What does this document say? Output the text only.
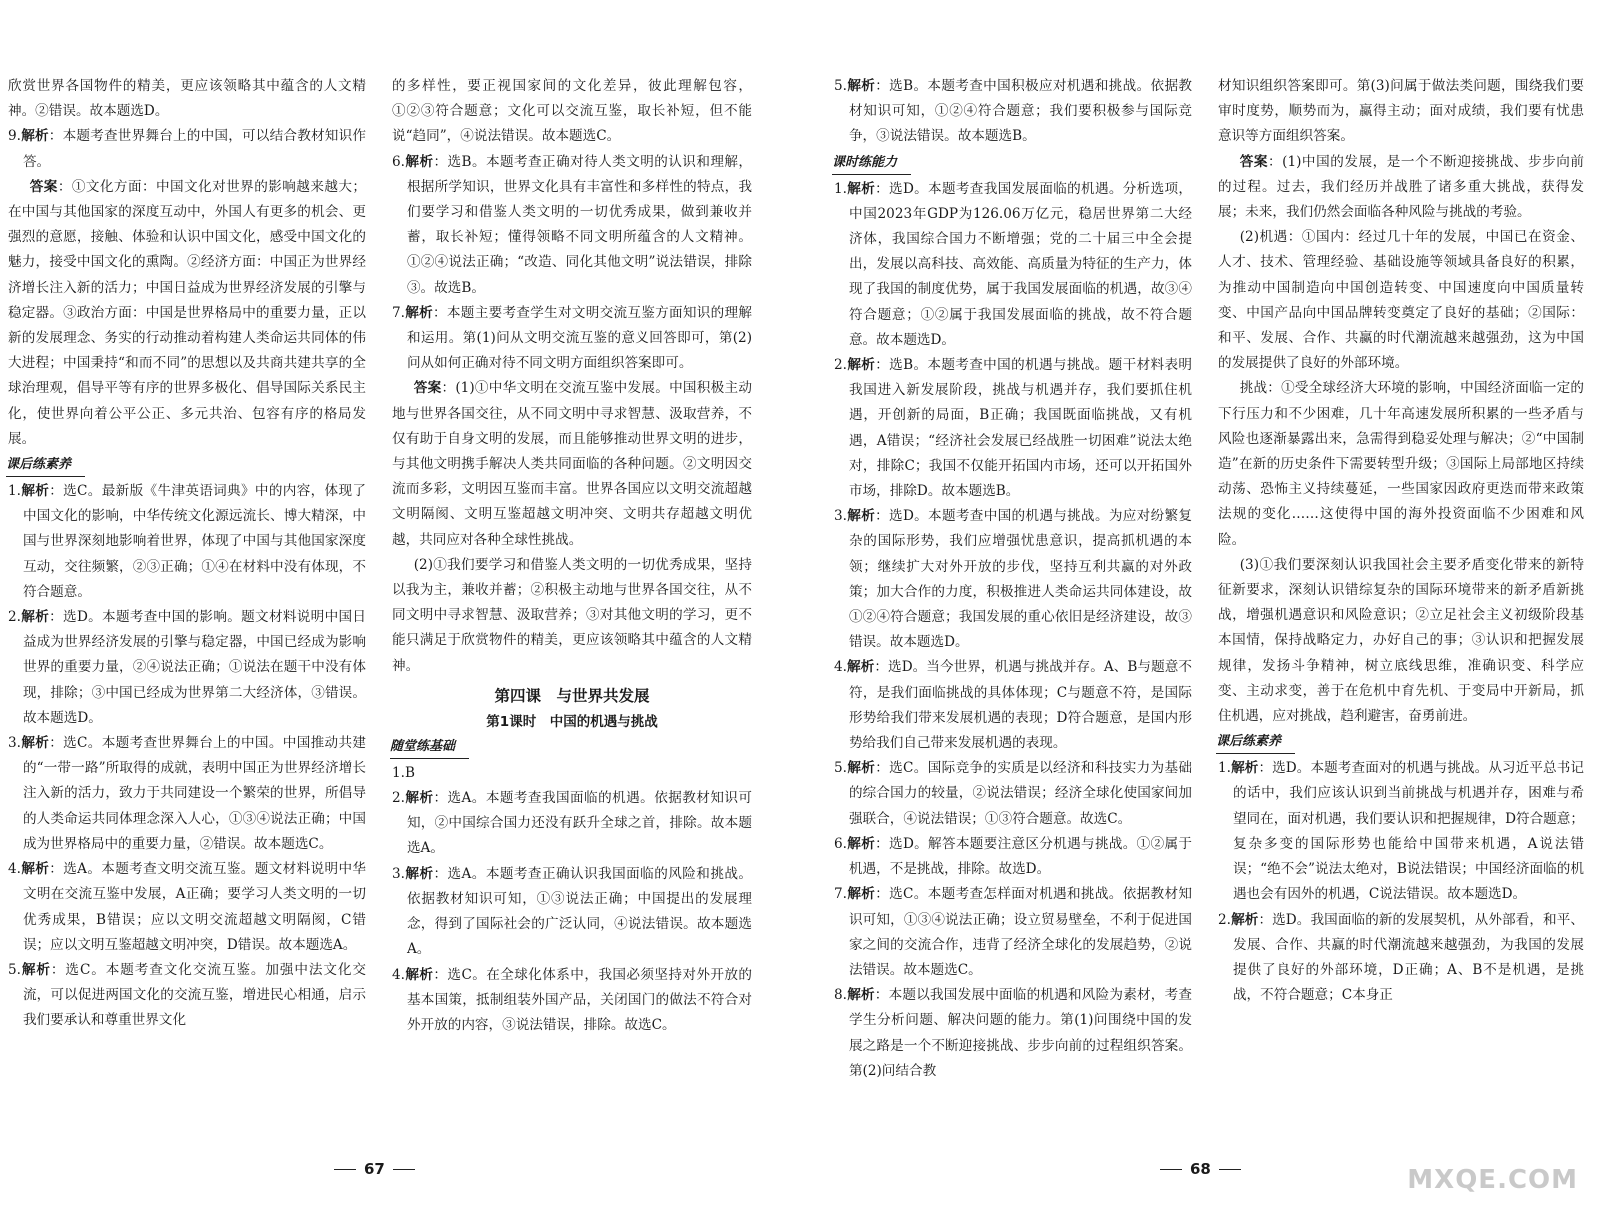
欣赏世界各国物件的精美，更应该领略其中蕴含的人文精神。②错误。故本题选D。

9.解析：本题考查世界舞台上的中国，可以结合教材知识作答。

答案：①文化方面：中国文化对世界的影响越来越大；在中国与其他国家的深度互动中，外国人有更多的机会、更强烈的意愿，接触、体验和认识中国文化，感受中国文化的魅力，接受中国文化的熏陶。②经济方面：中国正为世界经济增长注入新的活力；中国日益成为世界经济发展的引擎与稳定器。③政治方面：中国是世界格局中的重要力量，正以新的发展理念、务实的行动推动着构建人类命运共同体的伟大进程；中国秉持“和而不同”的思想以及共商共建共享的全球治理观，倡导平等有序的世界多极化、倡导国际关系民主化，使世界向着公平公正、多元共治、包容有序的格局发展。

课后练素养

1.解析：选C。最新版《牛津英语词典》中的内容，体现了中国文化的影响，中华传统文化源远流长、博大精深，中国与世界深刻地影响着世界，体现了中国与其他国家深度互动，交往频繁，②③正确；①④在材料中没有体现，不符合题意。

2.解析：选D。本题考查中国的影响。题文材料说明中国日益成为世界经济发展的引擎与稳定器，中国已经成为影响世界的重要力量，②④说法正确；①说法在题干中没有体现，排除；③中国已经成为世界第二大经济体，③错误。故本题选D。

3.解析：选C。本题考查世界舞台上的中国。中国推动共建的“一带一路”所取得的成就，表明中国正为世界经济增长注入新的活力，致力于共同建设一个繁荣的世界，所倡导的人类命运共同体理念深入人心，①③④说法正确；中国成为世界格局中的重要力量，②错误。故本题选C。

4.解析：选A。本题考查文明交流互鉴。题文材料说明中华文明在交流互鉴中发展，A正确；要学习人类文明的一切优秀成果，B错误；应以文明交流超越文明隔阂，C错误；应以文明互鉴超越文明冲突，D错误。故本题选A。

5.解析：选C。本题考查文化交流互鉴。加强中法文化交流，可以促进两国文化的交流互鉴，增进民心相通，启示我们要承认和尊重世界文化

的多样性，要正视国家间的文化差异，彼此理解包容，①②③符合题意；文化可以交流互鉴，取长补短，但不能说“趋同”，④说法错误。故本题选C。

6.解析：选B。本题考查正确对待人类文明的认识和理解，根据所学知识，世界文化具有丰富性和多样性的特点，我们要学习和借鉴人类文明的一切优秀成果，做到兼收并蓄，取长补短；懂得领略不同文明所蕴含的人文精神。①②④说法正确；“改造、同化其他文明”说法错误，排除③。故选B。

7.解析：本题主要考查学生对文明交流互鉴方面知识的理解和运用。第(1)问从文明交流互鉴的意义回答即可，第(2)问从如何正确对待不同文明方面组织答案即可。

答案：(1)①中华文明在交流互鉴中发展。中国积极主动地与世界各国交往，从不同文明中寻求智慧、汲取营养，不仅有助于自身文明的发展，而且能够推动世界文明的进步，与其他文明携手解决人类共同面临的各种问题。②文明因交流而多彩，文明因互鉴而丰富。世界各国应以文明交流超越文明隔阂、文明互鉴超越文明冲突、文明共存超越文明优越，共同应对各种全球性挑战。

(2)①我们要学习和借鉴人类文明的一切优秀成果，坚持以我为主，兼收并蓄；②积极主动地与世界各国交往，从不同文明中寻求智慧、汲取营养；③对其他文明的学习，更不能只满足于欣赏物件的精美，更应该领略其中蕴含的人文精神。

第四课　与世界共发展
第1课时　中国的机遇与挑战
随堂练基础

1.B

2.解析：选A。本题考查我国面临的机遇。依据教材知识可知，②中国综合国力还没有跃升全球之首，排除。故本题选A。

3.解析：选A。本题考查正确认识我国面临的风险和挑战。依据教材知识可知，①③说法正确；中国提出的发展理念，得到了国际社会的广泛认同，④说法错误。故本题选A。

4.解析：选C。在全球化体系中，我国必须坚持对外开放的基本国策，抵制组装外国产品，关闭国门的做法不符合对外开放的内容，③说法错误，排除。故选C。

67

5.解析：选B。本题考查中国积极应对机遇和挑战。依据教材知识可知，①②④符合题意；我们要积极参与国际竞争，③说法错误。故本题选B。

课时练能力

1.解析：选D。本题考查我国发展面临的机遇。分析选项，中国2023年GDP为126.06万亿元，稳居世界第二大经济体，我国综合国力不断增强；党的二十届三中全会提出，发展以高科技、高效能、高质量为特征的生产力，体现了我国的制度优势，属于我国发展面临的机遇，故③④符合题意；①②属于我国发展面临的挑战，故不符合题意。故本题选D。

2.解析：选B。本题考查中国的机遇与挑战。题干材料表明我国进入新发展阶段，挑战与机遇并存，我们要抓住机遇，开创新的局面，B正确；我国既面临挑战，又有机遇，A错误；“经济社会发展已经战胜一切困难”说法太绝对，排除C；我国不仅能开拓国内市场，还可以开拓国外市场，排除D。故本题选B。

3.解析：选D。本题考查中国的机遇与挑战。为应对纷繁复杂的国际形势，我们应增强忧患意识，提高抓机遇的本领；继续扩大对外开放的步伐，坚持互利共赢的对外政策；加大合作的力度，积极推进人类命运共同体建设，故①②④符合题意；我国发展的重心依旧是经济建设，故③错误。故本题选D。

4.解析：选D。当今世界，机遇与挑战并存。A、B与题意不符，是我们面临挑战的具体体现；C与题意不符，是国际形势给我们带来发展机遇的表现；D符合题意，是国内形势给我们自己带来发展机遇的表现。

5.解析：选C。国际竞争的实质是以经济和科技实力为基础的综合国力的较量，②说法错误；经济全球化使国家间加强联合，④说法错误；①③符合题意。故选C。

6.解析：选D。解答本题要注意区分机遇与挑战。①②属于机遇，不是挑战，排除。故选D。

7.解析：选C。本题考查怎样面对机遇和挑战。依据教材知识可知，①③④说法正确；设立贸易壁垒，不利于促进国家之间的交流合作，违背了经济全球化的发展趋势，②说法错误。故本题选C。

8.解析：本题以我国发展中面临的机遇和风险为素材，考查学生分析问题、解决问题的能力。第(1)问围绕中国的发展之路是一个不断迎接挑战、步步向前的过程组织答案。第(2)问结合教

材知识组织答案即可。第(3)问属于做法类问题，围绕我们要审时度势，顺势而为，赢得主动；面对成绩，我们要有忧患意识等方面组织答案。

答案：(1)中国的发展，是一个不断迎接挑战、步步向前的过程。过去，我们经历并战胜了诸多重大挑战，获得发展；未来，我们仍然会面临各种风险与挑战的考验。

(2)机遇：①国内：经过几十年的发展，中国已在资金、人才、技术、管理经验、基础设施等领域具备良好的积累，为推动中国制造向中国创造转变、中国速度向中国质量转变、中国产品向中国品牌转变奠定了良好的基础；②国际：和平、发展、合作、共赢的时代潮流越来越强劲，这为中国的发展提供了良好的外部环境。

挑战：①受全球经济大环境的影响，中国经济面临一定的下行压力和不少困难，几十年高速发展所积累的一些矛盾与风险也逐渐暴露出来，急需得到稳妥处理与解决；②“中国制造”在新的历史条件下需要转型升级；③国际上局部地区持续动荡、恐怖主义持续蔓延，一些国家因政府更迭而带来政策法规的变化……这使得中国的海外投资面临不少困难和风险。

(3)①我们要深刻认识我国社会主要矛盾变化带来的新特征新要求，深刻认识错综复杂的国际环境带来的新矛盾新挑战，增强机遇意识和风险意识；②立足社会主义初级阶段基本国情，保持战略定力，办好自己的事；③认识和把握发展规律，发扬斗争精神，树立底线思维，准确识变、科学应变、主动求变，善于在危机中育先机、于变局中开新局，抓住机遇，应对挑战，趋利避害，奋勇前进。

课后练素养

1.解析：选D。本题考查面对的机遇与挑战。从习近平总书记的话中，我们应该认识到当前挑战与机遇并存，困难与希望同在，面对机遇，我们要认识和把握规律，D符合题意；复杂多变的国际形势也能给中国带来机遇，A说法错误；“绝不会”说法太绝对，B说法错误；中国经济面临的机遇也会有因外的机遇，C说法错误。故本题选D。

2.解析：选D。我国面临的新的发展契机，从外部看，和平、发展、合作、共赢的时代潮流越来越强劲，为我国的发展提供了良好的外部环境，D正确；A、B不是机遇，是挑战，不符合题意；C本身正

68	MXQE.COM
